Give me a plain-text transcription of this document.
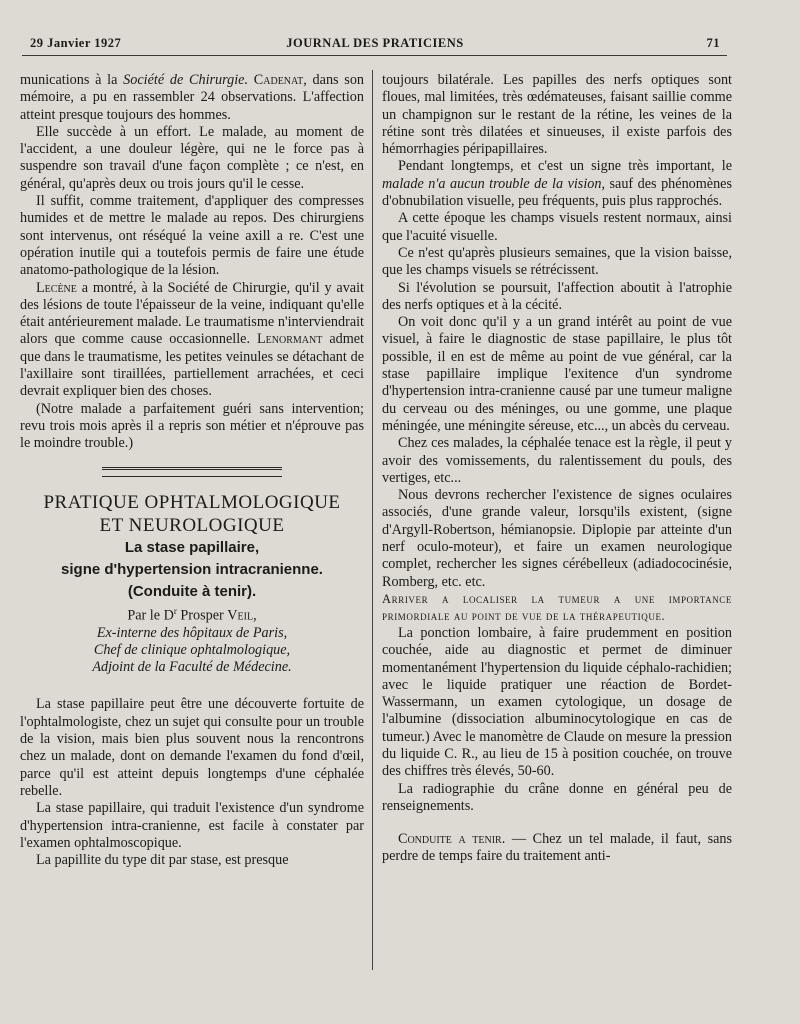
29 Janvier 1927	JOURNAL DES PRATICIENS	71

munications à la Société de Chirurgie. Cadenat, dans son mémoire, a pu en rassembler 24 observations. L'affection atteint presque toujours des hommes.

Elle succède à un effort. Le malade, au moment de l'accident, a une douleur légère, qui ne le force pas à suspendre son travail d'une façon complète ; ce n'est, en général, qu'après deux ou trois jours qu'il le cesse.

Il suffit, comme traitement, d'appliquer des compresses humides et de mettre le malade au repos. Des chirurgiens sont intervenus, ont réséqué la veine axill a re. C'est une opération inutile qui a toutefois permis de faire une étude anatomo-pathologique de la lésion.

Lecène a montré, à la Société de Chirurgie, qu'il y avait des lésions de toute l'épaisseur de la veine, indiquant qu'elle était antérieurement malade. Le traumatisme n'interviendrait alors que comme cause occasionnelle. Lenormant admet que dans le traumatisme, les petites veinules se détachant de l'axillaire sont tiraillées, partiellement arrachées, et ceci devrait expliquer bien des choses.

(Notre malade a parfaitement guéri sans intervention; revu trois mois après il a repris son métier et n'éprouve pas le moindre trouble.)

PRATIQUE OPHTALMOLOGIQUE
ET NEUROLOGIQUE

La stase papillaire,
signe d'hypertension intracranienne.
(Conduite à tenir).

Par le $D^r$ Prosper Veil,

Ex-interne des hôpitaux de Paris,

Chef de clinique ophtalmologique,

Adjoint de la Faculté de Médecine.

La stase papillaire peut être une découverte fortuite de l'ophtalmologiste, chez un sujet qui consulte pour un trouble de la vision, mais bien plus souvent nous la rencontrons chez un malade, dont on demande l'examen du fond d'œil, parce qu'il est atteint depuis longtemps d'une céphalée rebelle.

La stase papillaire, qui traduit l'existence d'un syndrome d'hypertension intra-cranienne, est facile à constater par l'examen ophtalmoscopique.

La papillite du type dit par stase, est presque

toujours bilatérale. Les papilles des nerfs optiques sont floues, mal limitées, très œdémateuses, faisant saillie comme un champignon sur le restant de la rétine, les veines de la rétine sont très dilatées et sinueuses, il existe parfois des hémorrhagies péripapillaires.

Pendant longtemps, et c'est un signe très important, le malade n'a aucun trouble de la vision, sauf des phénomènes d'obnubilation visuelle, peu fréquents, puis plus rapprochés.

A cette époque les champs visuels restent normaux, ainsi que l'acuité visuelle.

Ce n'est qu'après plusieurs semaines, que la vision baisse, que les champs visuels se rétrécissent.

Si l'évolution se poursuit, l'affection aboutit à l'atrophie des nerfs optiques et à la cécité.

On voit donc qu'il y a un grand intérêt au point de vue visuel, à faire le diagnostic de stase papillaire, le plus tôt possible, il en est de même au point de vue général, car la stase papillaire implique l'exitence d'un syndrome d'hypertension intra-cranienne causé par une tumeur maligne du cerveau ou des méninges, ou une gomme, une plaque méningée, une méningite séreuse, etc..., un abcès du cerveau.

Chez ces malades, la céphalée tenace est la règle, il peut y avoir des vomissements, du ralentissement du pouls, des vertiges, etc...

Nous devrons rechercher l'existence de signes oculaires associés, d'une grande valeur, lorsqu'ils existent, (signe d'Argyll-Robertson, hémianopsie. Diplopie par atteinte d'un nerf oculo-moteur), et faire un examen neurologique complet, rechercher les signes cérébelleux (adiadococinésie, Romberg, etc. etc.

Arriver a localiser la tumeur a une importance primordiale au point de vue de la thérapeutique.

La ponction lombaire, à faire prudemment en position couchée, aide au diagnostic et permet de diminuer momentanément l'hypertension du liquide céphalo-rachidien; avec le liquide pratiquer une réaction de Bordet-Wassermann, un examen cytologique, un dosage de l'albumine (dissociation albuminocytologique en cas de tumeur.) Avec le manomètre de Claude on mesure la pression du liquide C. R., au lieu de 15 à position couchée, on trouve des chiffres très élevés, 50-60.

La radiographie du crâne donne en général peu de renseignements.

Conduite a tenir. — Chez un tel malade, il faut, sans perdre de temps faire du traitement anti-
